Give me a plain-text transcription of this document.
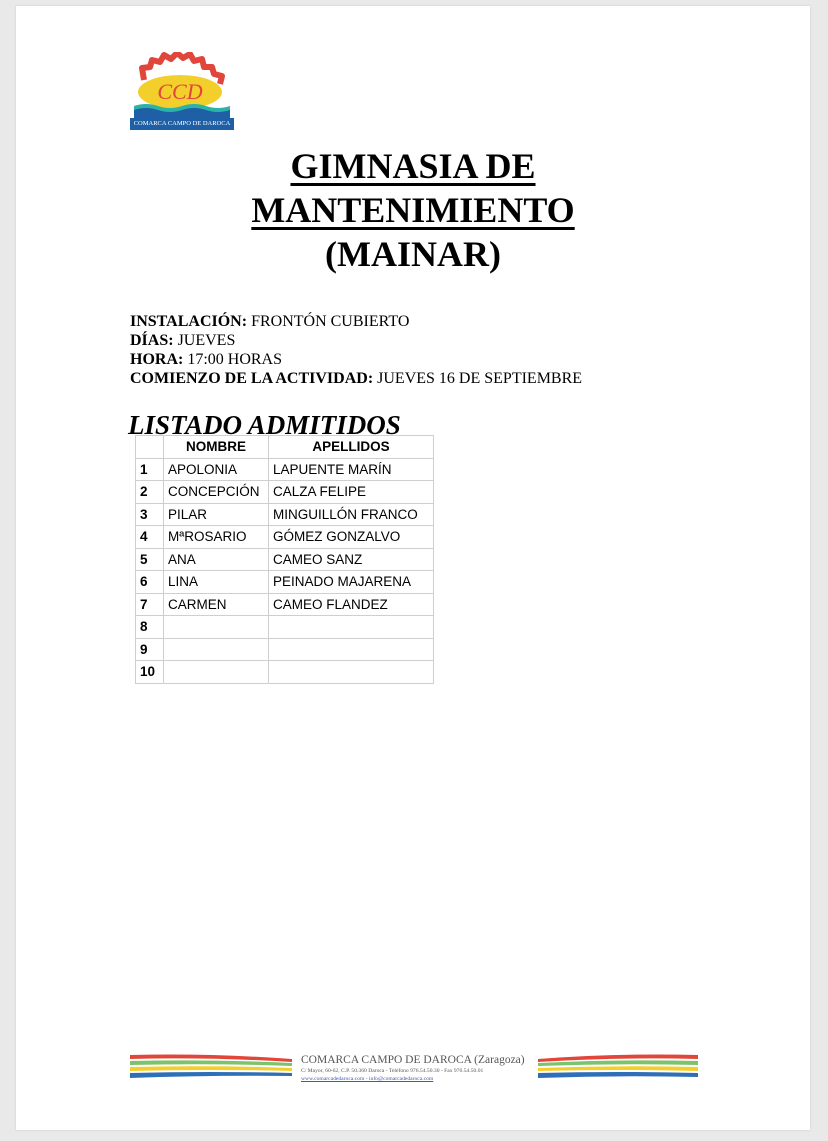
CCD
COMARCA CAMPO DE DAROCA
GIMNASIA DE
MANTENIMIENTO
(MAINAR)
INSTALACIÓN: FRONTÓN CUBIERTO
DÍAS: JUEVES
HORA: 17:00 HORAS
COMIENZO DE LA ACTIVIDAD: JUEVES 16 DE SEPTIEMBRE
LISTADO ADMITIDOS
	NOMBRE	APELLIDOS
1	APOLONIA	LAPUENTE MARÍN
2	CONCEPCIÓN	CALZA FELIPE
3	PILAR	MINGUILLÓN FRANCO
4	MªROSARIO	GÓMEZ GONZALVO
5	ANA	CAMEO SANZ
6	LINA	PEINADO MAJARENA
7	CARMEN	CAMEO FLANDEZ
8		
9		
10		
COMARCA CAMPO DE DAROCA (Zaragoza)
C/ Mayor, 60-62, C.P. 50.360 Daroca - Teléfono 976.54.50.30 - Fax 976.54.50.01
www.comarcadedaroca.com - info@comarcadedaroca.com
